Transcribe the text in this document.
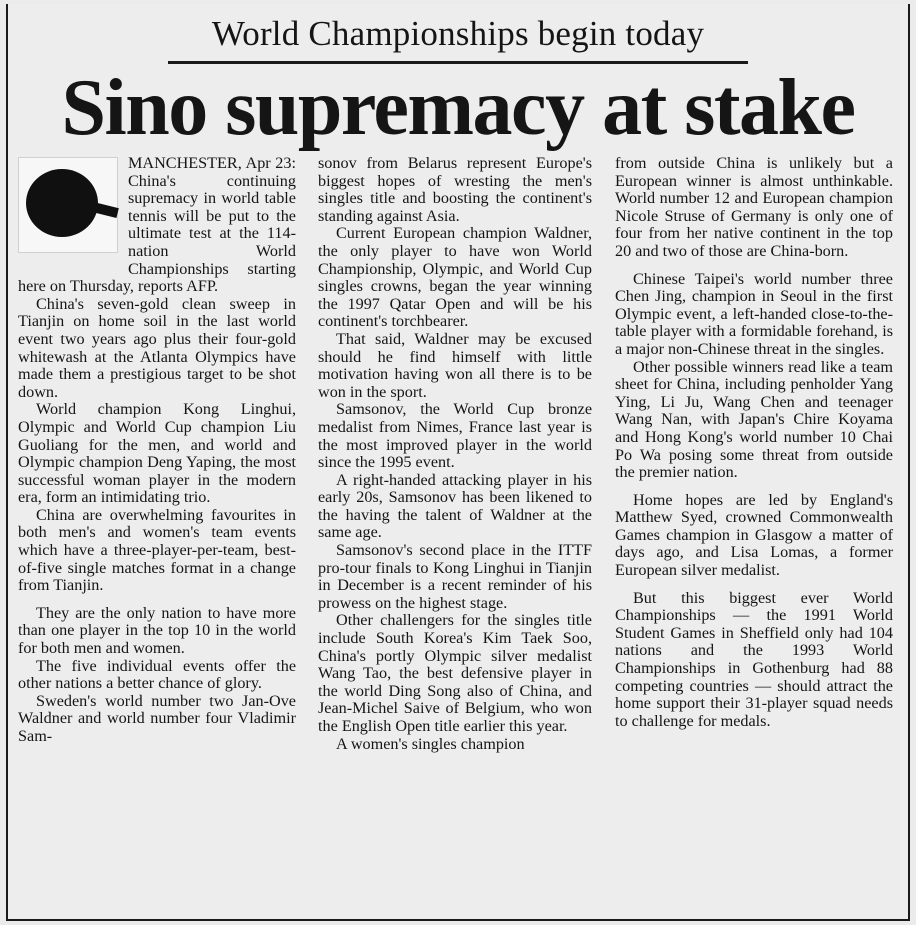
World Championships begin today
Sino supremacy at stake

MANCHESTER, Apr 23: China's continuing supremacy in world table tennis will be put to the ultimate test at the 114-nation World Championships starting here on Thursday, reports AFP.

China's seven-gold clean sweep in Tianjin on home soil in the last world event two years ago plus their four-gold whitewash at the Atlanta Olympics have made them a prestigious target to be shot down.

World champion Kong Linghui, Olympic and World Cup champion Liu Guoliang for the men, and world and Olympic champion Deng Yaping, the most successful woman player in the modern era, form an intimidating trio.

China are overwhelming favourites in both men's and women's team events which have a three-player-per-team, best-of-five single matches format in a change from Tianjin.

They are the only nation to have more than one player in the top 10 in the world for both men and women.

The five individual events offer the other nations a better chance of glory.

Sweden's world number two Jan-Ove Waldner and world number four Vladimir Sam-

sonov from Belarus represent Europe's biggest hopes of wresting the men's singles title and boosting the continent's standing against Asia.

Current European champion Waldner, the only player to have won World Championship, Olympic, and World Cup singles crowns, began the year winning the 1997 Qatar Open and will be his continent's torchbearer.

That said, Waldner may be excused should he find himself with little motivation having won all there is to be won in the sport.

Samsonov, the World Cup bronze medalist from Nimes, France last year is the most improved player in the world since the 1995 event.

A right-handed attacking player in his early 20s, Samsonov has been likened to the having the talent of Waldner at the same age.

Samsonov's second place in the ITTF pro-tour finals to Kong Linghui in Tianjin in December is a recent reminder of his prowess on the highest stage.

Other challengers for the singles title include South Korea's Kim Taek Soo, China's portly Olympic silver medalist Wang Tao, the best defensive player in the world Ding Song also of China, and Jean-Michel Saive of Belgium, who won the English Open title earlier this year.

A women's singles champion

from outside China is unlikely but a European winner is almost unthinkable. World number 12 and European champion Nicole Struse of Germany is only one of four from her native continent in the top 20 and two of those are China-born.

Chinese Taipei's world number three Chen Jing, champion in Seoul in the first Olympic event, a left-handed close-to-the-table player with a formidable forehand, is a major non-Chinese threat in the singles.

Other possible winners read like a team sheet for China, including penholder Yang Ying, Li Ju, Wang Chen and teenager Wang Nan, with Japan's Chire Koyama and Hong Kong's world number 10 Chai Po Wa posing some threat from outside the premier nation.

Home hopes are led by England's Matthew Syed, crowned Commonwealth Games champion in Glasgow a matter of days ago, and Lisa Lomas, a former European silver medalist.

But this biggest ever World Championships — the 1991 World Student Games in Sheffield only had 104 nations and the 1993 World Championships in Gothenburg had 88 competing countries — should attract the home support their 31-player squad needs to challenge for medals.
